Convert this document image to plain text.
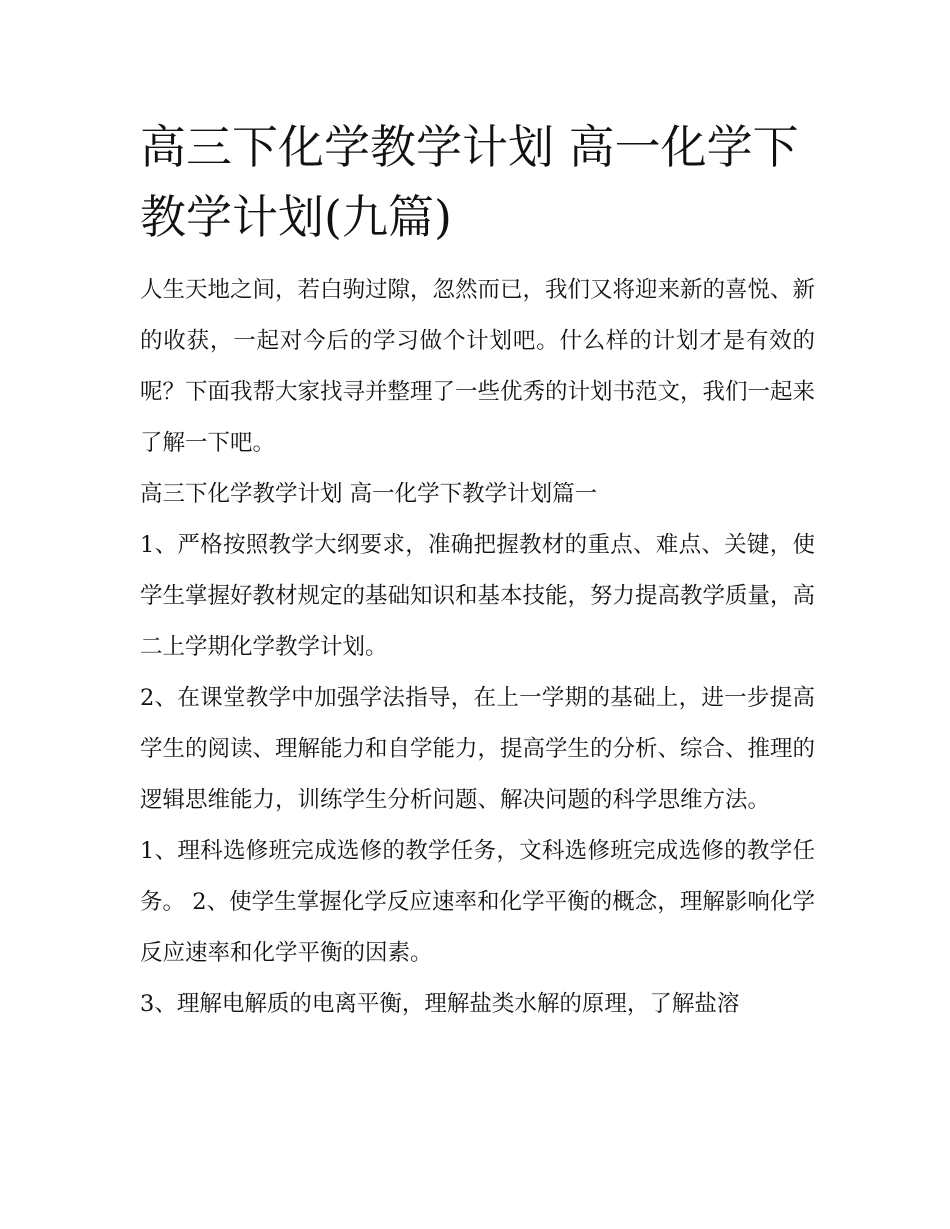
高三下化学教学计划 高一化学下教学计划(九篇)

人生天地之间，若白驹过隙，忽然而已，我们又将迎来新的喜悦、新的收获，一起对今后的学习做个计划吧。什么样的计划才是有效的呢？下面我帮大家找寻并整理了一些优秀的计划书范文，我们一起来了解一下吧。

高三下化学教学计划 高一化学下教学计划篇一

1、严格按照教学大纲要求，准确把握教材的重点、难点、关键，使学生掌握好教材规定的基础知识和基本技能，努力提高教学质量，高二上学期化学教学计划。

2、在课堂教学中加强学法指导，在上一学期的基础上，进一步提高学生的阅读、理解能力和自学能力，提高学生的分析、综合、推理的逻辑思维能力，训练学生分析问题、解决问题的科学思维方法。

1、理科选修班完成选修的教学任务，文科选修班完成选修的教学任务。 2、使学生掌握化学反应速率和化学平衡的概念，理解影响化学反应速率和化学平衡的因素。

3、理解电解质的电离平衡，理解盐类水解的原理，了解盐溶
